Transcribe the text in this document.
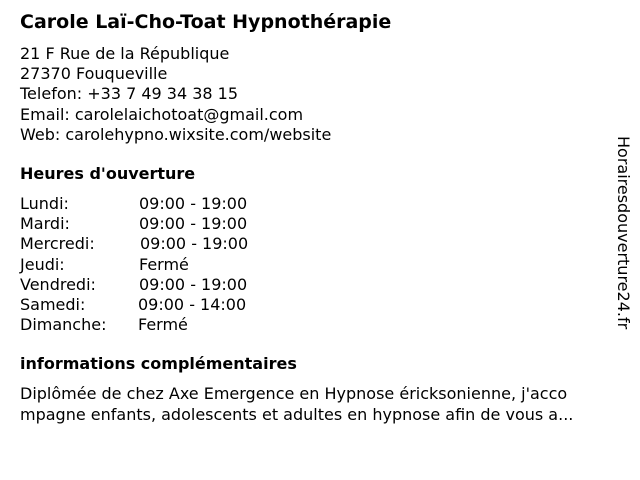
Carole Laï-Cho-Toat Hypnothérapie
21 F Rue de la République
27370 Fouqueville
Telefon: +33 7 49 34 38 15
Email: carolelaichotoat@gmail.com
Web: carolehypno.wixsite.com/website
Heures d'ouverture
Lundi:	09:00 - 19:00
Mardi:	09:00 - 19:00
Mercredi:	09:00 - 19:00
Jeudi:	Fermé
Vendredi:	09:00 - 19:00
Samedi:	09:00 - 14:00
Dimanche: Fermé
informations complémentaires
Diplômée de chez Axe Emergence en Hypnose éricksonienne, j'acco
mpagne enfants, adolescents et adultes en hypnose afin de vous a...
Horairesdouverture24.fr
